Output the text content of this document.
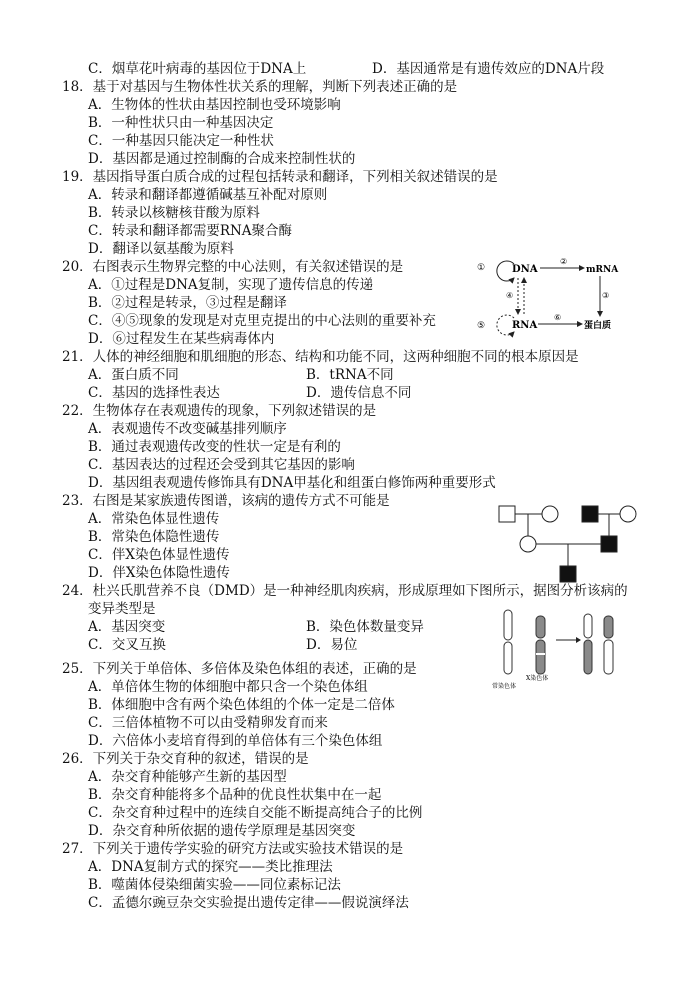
C．烟草花叶病毒的基因位于DNA上	D．基因通常是有遗传效应的DNA片段
18．基于对基因与生物体性状关系的理解，判断下列表述正确的是
A．生物体的性状由基因控制也受环境影响
B．一种性状只由一种基因决定
C．一种基因只能决定一种性状
D．基因都是通过控制酶的合成来控制性状的
19．基因指导蛋白质合成的过程包括转录和翻译，下列相关叙述错误的是
A．转录和翻译都遵循碱基互补配对原则
B．转录以核糖核苷酸为原料
C．转录和翻译都需要RNA聚合酶
D．翻译以氨基酸为原料
20．右图表示生物界完整的中心法则，有关叙述错误的是
A．①过程是DNA复制，实现了遗传信息的传递
B．②过程是转录，③过程是翻译
C．④⑤现象的发现是对克里克提出的中心法则的重要补充
D．⑥过程发生在某些病毒体内
①	DNA
②
mRNA
③
④
RNA
⑤
⑥
蛋白质
21．人体的神经细胞和肌细胞的形态、结构和功能不同，这两种细胞不同的根本原因是
A．蛋白质不同	B．tRNA不同
C．基因的选择性表达	D．遗传信息不同
22．生物体存在表观遗传的现象，下列叙述错误的是
A．表观遗传不改变碱基排列顺序
B．通过表观遗传改变的性状一定是有利的
C．基因表达的过程还会受到其它基因的影响
D．基因组表观遗传修饰具有DNA甲基化和组蛋白修饰两种重要形式
23．右图是某家族遗传图谱，该病的遗传方式不可能是
A．常染色体显性遗传
B．常染色体隐性遗传
C．伴X染色体显性遗传
D．伴X染色体隐性遗传
24．杜兴氏肌营养不良（DMD）是一种神经肌肉疾病，形成原理如下图所示，据图分析该病的
变异类型是
A．基因突变	B．染色体数量变异
C．交叉互换	D．易位
常染色体
X染色体
25．下列关于单倍体、多倍体及染色体组的表述，正确的是
A．单倍体生物的体细胞中都只含一个染色体组
B．体细胞中含有两个染色体组的个体一定是二倍体
C．三倍体植物不可以由受精卵发育而来
D．六倍体小麦培育得到的单倍体有三个染色体组
26．下列关于杂交育种的叙述，错误的是
A．杂交育种能够产生新的基因型
B．杂交育种能将多个品种的优良性状集中在一起
C．杂交育种过程中的连续自交能不断提高纯合子的比例
D．杂交育种所依据的遗传学原理是基因突变
27．下列关于遗传学实验的研究方法或实验技术错误的是
A．DNA复制方式的探究——类比推理法
B．噬菌体侵染细菌实验——同位素标记法
C．孟德尔豌豆杂交实验提出遗传定律——假说演绎法
